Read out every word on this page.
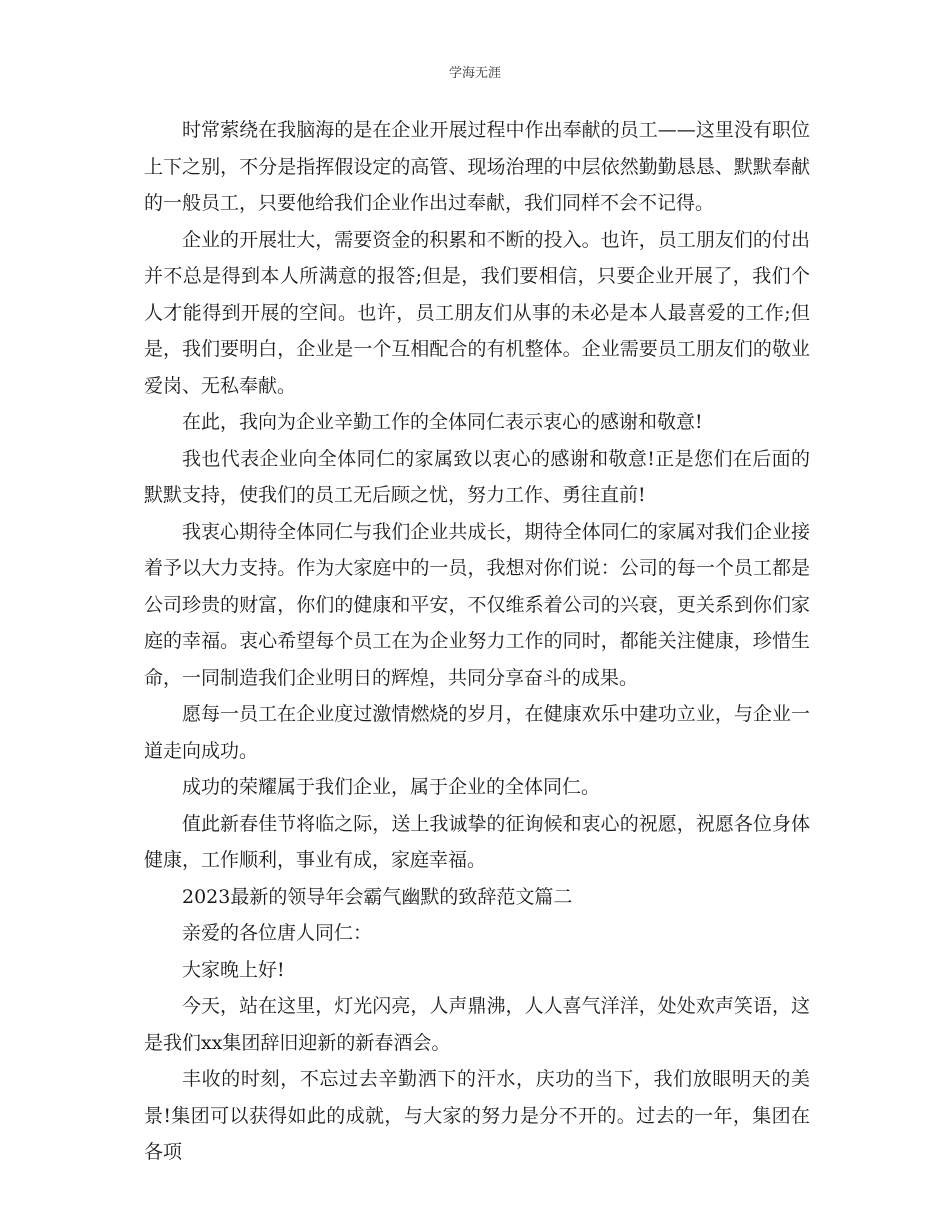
学海无涯

时常萦绕在我脑海的是在企业开展过程中作出奉献的员工——这里没有职位上下之别，不分是指挥假设定的高管、现场治理的中层依然勤勤恳恳、默默奉献的一般员工，只要他给我们企业作出过奉献，我们同样不会不记得。

企业的开展壮大，需要资金的积累和不断的投入。也许，员工朋友们的付出并不总是得到本人所满意的报答;但是，我们要相信，只要企业开展了，我们个人才能得到开展的空间。也许，员工朋友们从事的未必是本人最喜爱的工作;但是，我们要明白，企业是一个互相配合的有机整体。企业需要员工朋友们的敬业爱岗、无私奉献。

在此，我向为企业辛勤工作的全体同仁表示衷心的感谢和敬意!

我也代表企业向全体同仁的家属致以衷心的感谢和敬意!正是您们在后面的默默支持，使我们的员工无后顾之忧，努力工作、勇往直前!

我衷心期待全体同仁与我们企业共成长，期待全体同仁的家属对我们企业接着予以大力支持。作为大家庭中的一员，我想对你们说：公司的每一个员工都是公司珍贵的财富，你们的健康和平安，不仅维系着公司的兴衰，更关系到你们家庭的幸福。衷心希望每个员工在为企业努力工作的同时，都能关注健康，珍惜生命，一同制造我们企业明日的辉煌，共同分享奋斗的成果。

愿每一员工在企业度过激情燃烧的岁月，在健康欢乐中建功立业，与企业一道走向成功。

成功的荣耀属于我们企业，属于企业的全体同仁。

值此新春佳节将临之际，送上我诚挚的征询候和衷心的祝愿，祝愿各位身体健康，工作顺利，事业有成，家庭幸福。

2023最新的领导年会霸气幽默的致辞范文篇二

亲爱的各位唐人同仁：

大家晚上好!

今天，站在这里，灯光闪亮，人声鼎沸，人人喜气洋洋，处处欢声笑语，这是我们xx集团辞旧迎新的新春酒会。

丰收的时刻，不忘过去辛勤洒下的汗水，庆功的当下，我们放眼明天的美景!集团可以获得如此的成就，与大家的努力是分不开的。过去的一年，集团在各项
